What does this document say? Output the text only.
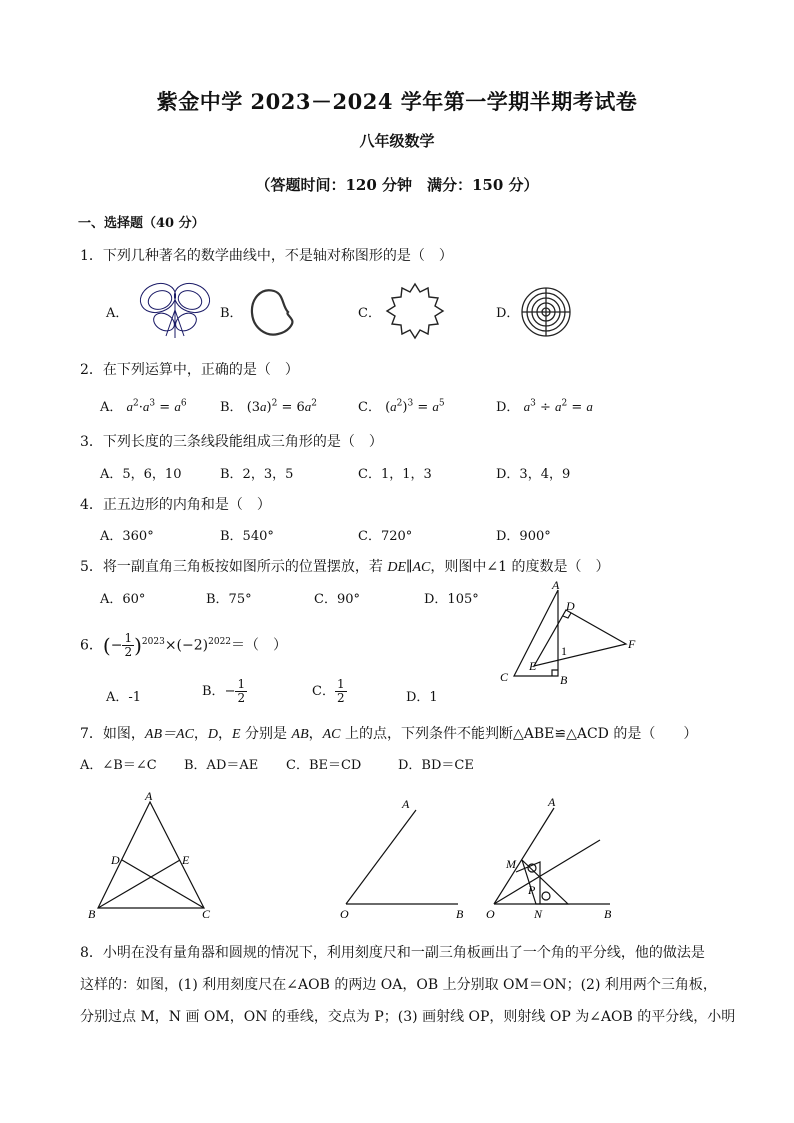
紫金中学 2023－2024 学年第一学期半期考试卷
八年级数学
（答题时间：120 分钟　满分：150 分）
一、选择题（40 分）
1．下列几种著名的数学曲线中，不是轴对称图形的是（　）
A．	B．	C．	D．
2．在下列运算中，正确的是（　）
A． $a^2\cdot a^3 = a^6$	B． $(3a)^2 = 6a^2$	C． $(a^2)^3 = a^5$	D． $a^3 \div a^2 = a$
3．下列长度的三条线段能组成三角形的是（　）
A．5，6，10	B．2，3，5	C．1，1，3	D．3，4，9
4．正五边形的内角和是（　）
A．360°	B．540°	C．720°	D．900°
5．将一副直角三角板按如图所示的位置摆放，若 DE∥AC，则图中∠1 的度数是（　）
A．60°	B．75°	C．90°	D．105°
A
D
F
E
1
C	B
6．(− $\frac{1}{2} )^{2023}\times(-2)^{2022}=$（　）
A．-1	B．− $\frac{1}{2}$	C． $\frac{1}{2}$	D．1
7．如图，AB＝AC，D，E 分别是 AB，AC 上的点，下列条件不能判断△ABE≌△ACD 的是（　　）
A．∠B＝∠C B．AD＝AE C．BE＝CD	D．BD＝CE
A
D	E
B	C
A
O	B
A
M
P
O	N	B
8．小明在没有量角器和圆规的情况下，利用刻度尺和一副三角板画出了一个角的平分线，他的做法是
这样的：如图，(1) 利用刻度尺在∠AOB 的两边 OA，OB 上分别取 OM＝ON；(2) 利用两个三角板，
分别过点 M，N 画 OM，ON 的垂线，交点为 P；(3) 画射线 OP，则射线 OP 为∠AOB 的平分线，小明
